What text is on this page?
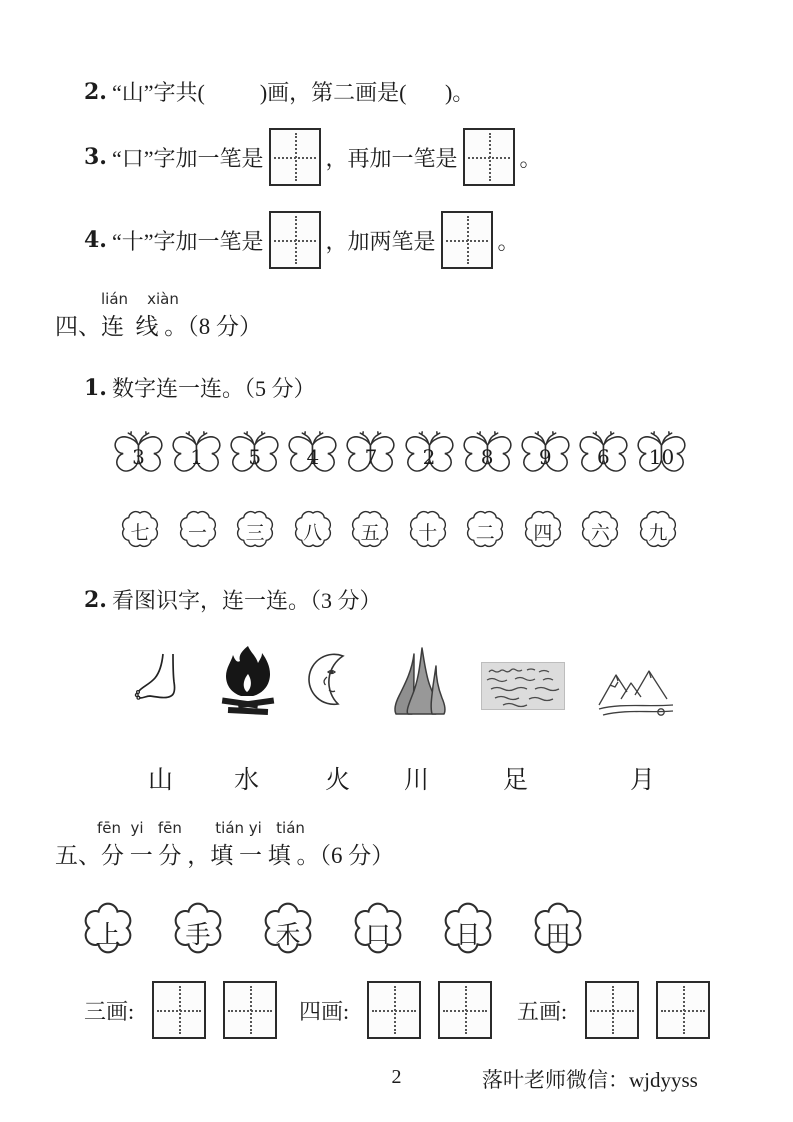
2. “山”字共(          )画，第二画是(       )。
3. “口”字加一笔是	，再加一笔是	。
4. “十”字加一笔是	，加两笔是	。
lián    xiàn
四、连  线 。（8 分）
1. 数字连一连。（5 分）
3	1	5	4	7	2	8	9	6	10
七	一	三	八	五	十	二	四	六	九
2. 看图识字，连一连。（3 分）
山 水	火 川	足	月
fēn  yi   fēn       tián yi   tián
五、分 一 分 ，填 一 填 。（6 分）
上	手	禾	口	日	田
三画:	四画:	五画:
2	落叶老师微信：wjdyyss
